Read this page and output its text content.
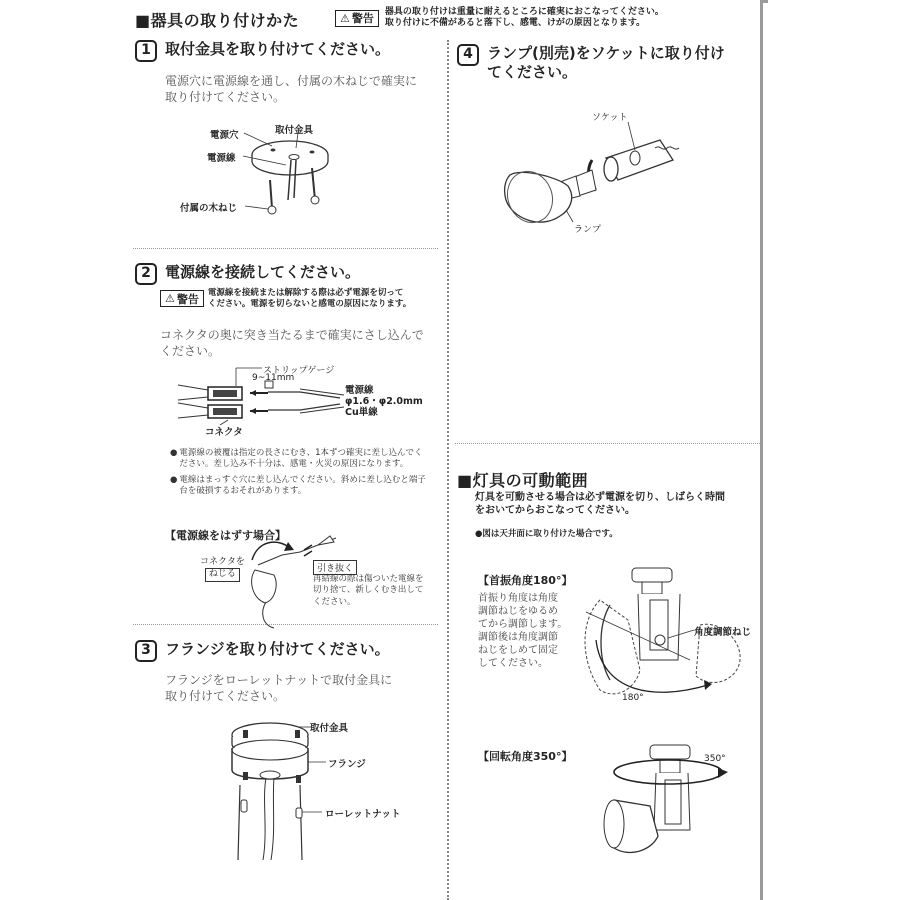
■器具の取り付けかた	⚠ 警告
器具の取り付けは重量に耐えるところに確実におこなってください。
取り付けに不備があると落下し、感電、けがの原因となります。
1 取付金具を取り付けてください。
電源穴に電源線を通し、付属の木ねじで確実に
取り付けてください。
電源穴	取付金具
電源線
付属の木ねじ
2 電源線を接続してください。
⚠ 警告 電源線を接続または解除する際は必ず電源を切って
ください。電源を切らないと感電の原因になります。
コネクタの奥に突き当たるまで確実にさし込んで
ください。
ストリップゲージ
9~11mm
電源線
φ1.6・φ2.0mm
Cu単線
コネクタ
● 電源線の被覆は指定の長さにむき、1本ずつ確実に差し込んでく
ださい。差し込み不十分は、感電・火災の原因になります。
● 電線はまっすぐ穴に差し込んでください。斜めに差し込むと端子
台を破損するおそれがあります。
【電源線をはずす場合】
コネクタを
ねじる
引き抜く
再結線の際は傷ついた電線を
切り捨て、新しくむき出して
ください。
3 フランジを取り付けてください。
フランジをローレットナットで取付金具に
取り付けてください。
取付金具
フランジ
ローレットナット
4 ランプ(別売)をソケットに取り付け
てください。
ソケット
ランプ
■灯具の可動範囲
灯具を可動させる場合は必ず電源を切り、しばらく時間
をおいてからおこなってください。
●図は天井面に取り付けた場合です。
【首振角度180°】
首振り角度は角度
調節ねじをゆるめ
てから調節します。
調節後は角度調節
ねじをしめて固定
してください。
角度調節ねじ
180°
【回転角度350°】	350°
